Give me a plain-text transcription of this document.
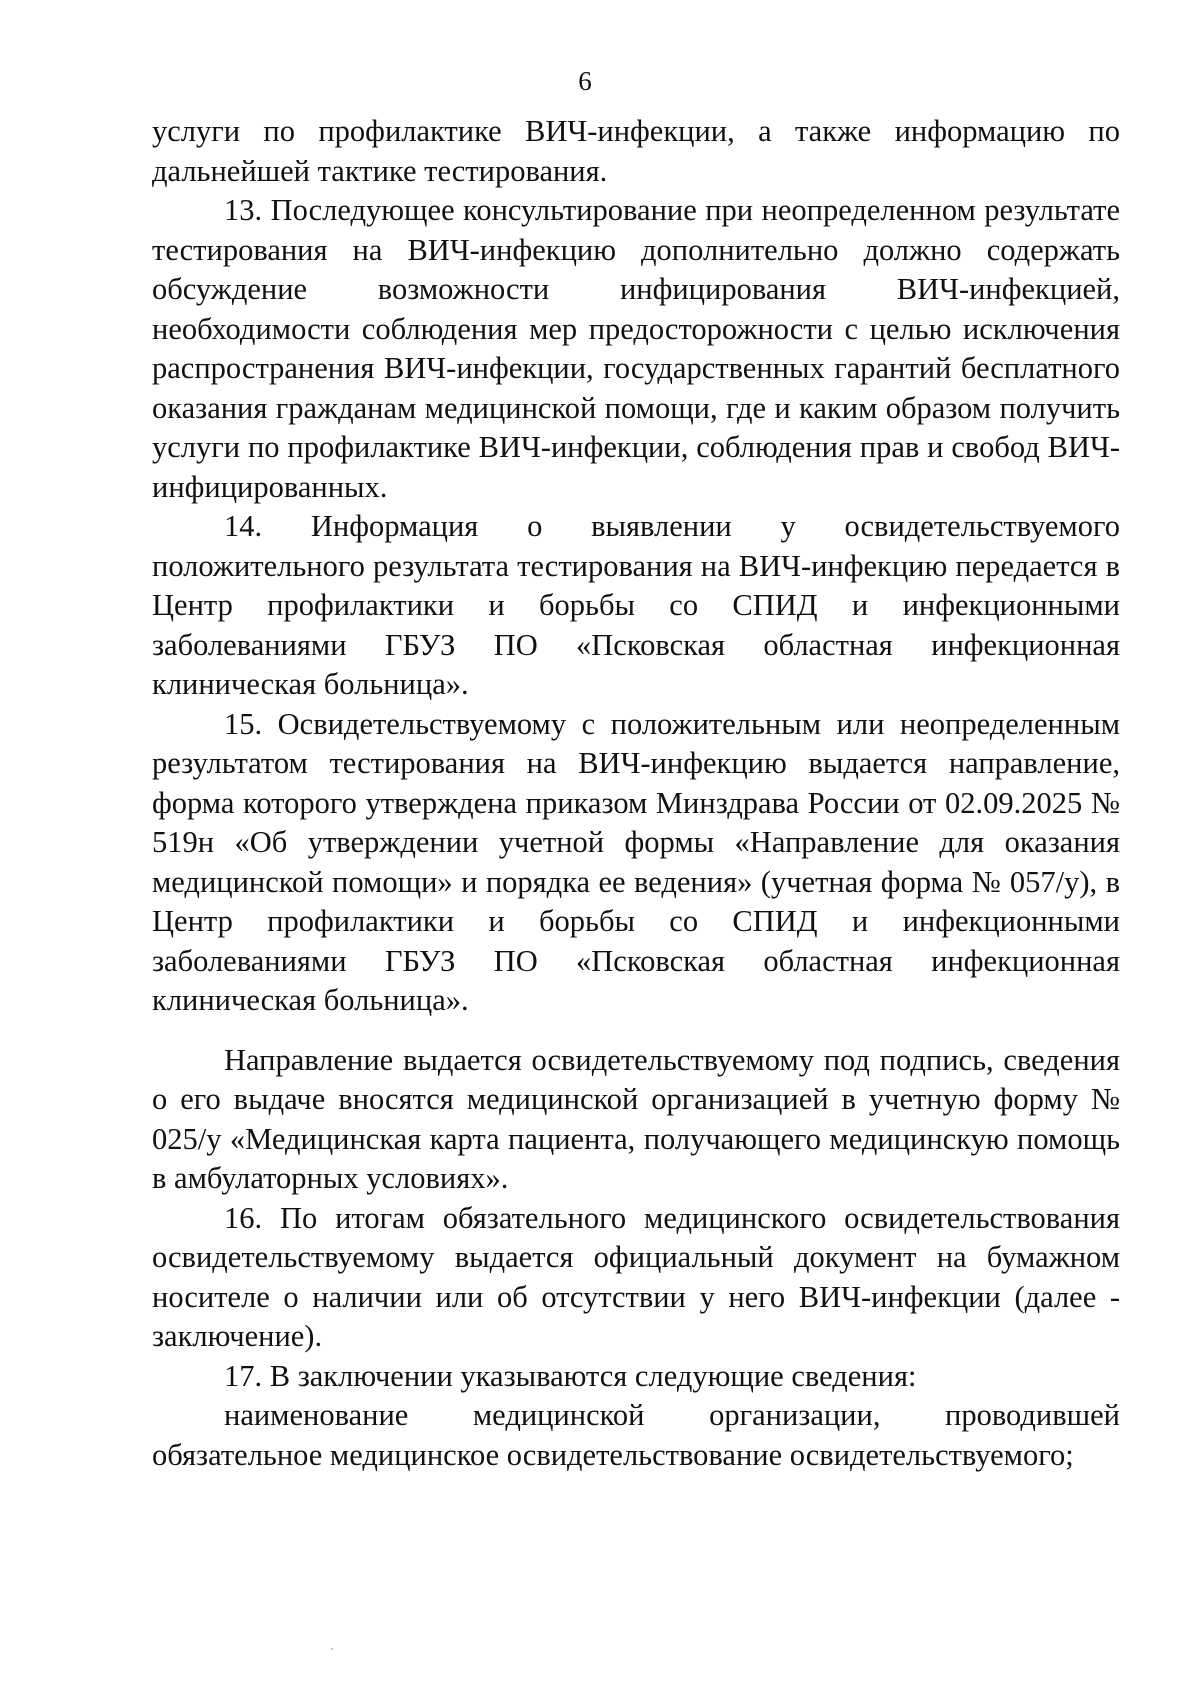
6

услуги по профилактике ВИЧ-инфекции, а также информацию по дальнейшей тактике тестирования.

13. Последующее консультирование при неопределенном результате тестирования на ВИЧ-инфекцию дополнительно должно содержать обсуждение возможности инфицирования ВИЧ-инфекцией, необходимости соблюдения мер предосторожности с целью исключения распространения ВИЧ-инфекции, государственных гарантий бесплатного оказания гражданам медицинской помощи, где и каким образом получить услуги по профилактике ВИЧ-инфекции, соблюдения прав и свобод ВИЧ-инфицированных.

14. Информация о выявлении у освидетельствуемого положительного результата тестирования на ВИЧ-инфекцию передается в Центр профилактики и борьбы со СПИД и инфекционными заболеваниями ГБУЗ ПО «Псковская областная инфекционная клиническая больница».

15. Освидетельствуемому с положительным или неопределенным результатом тестирования на ВИЧ-инфекцию выдается направление, форма которого утверждена приказом Минздрава России от 02.09.2025 № 519н «Об утверждении учетной формы «Направление для оказания медицинской помощи» и порядка ее ведения» (учетная форма № 057/у), в Центр профилактики и борьбы со СПИД и инфекционными заболеваниями ГБУЗ ПО «Псковская областная инфекционная клиническая больница».

Направление выдается освидетельствуемому под подпись, сведения о его выдаче вносятся медицинской организацией в учетную форму № 025/у «Медицинская карта пациента, получающего медицинскую помощь в амбулаторных условиях».

16. По итогам обязательного медицинского освидетельствования освидетельствуемому выдается официальный документ на бумажном носителе о наличии или об отсутствии у него ВИЧ-инфекции (далее - заключение).

17. В заключении указываются следующие сведения:

наименование медицинской организации, проводившей обязательное медицинское освидетельствование освидетельствуемого;
